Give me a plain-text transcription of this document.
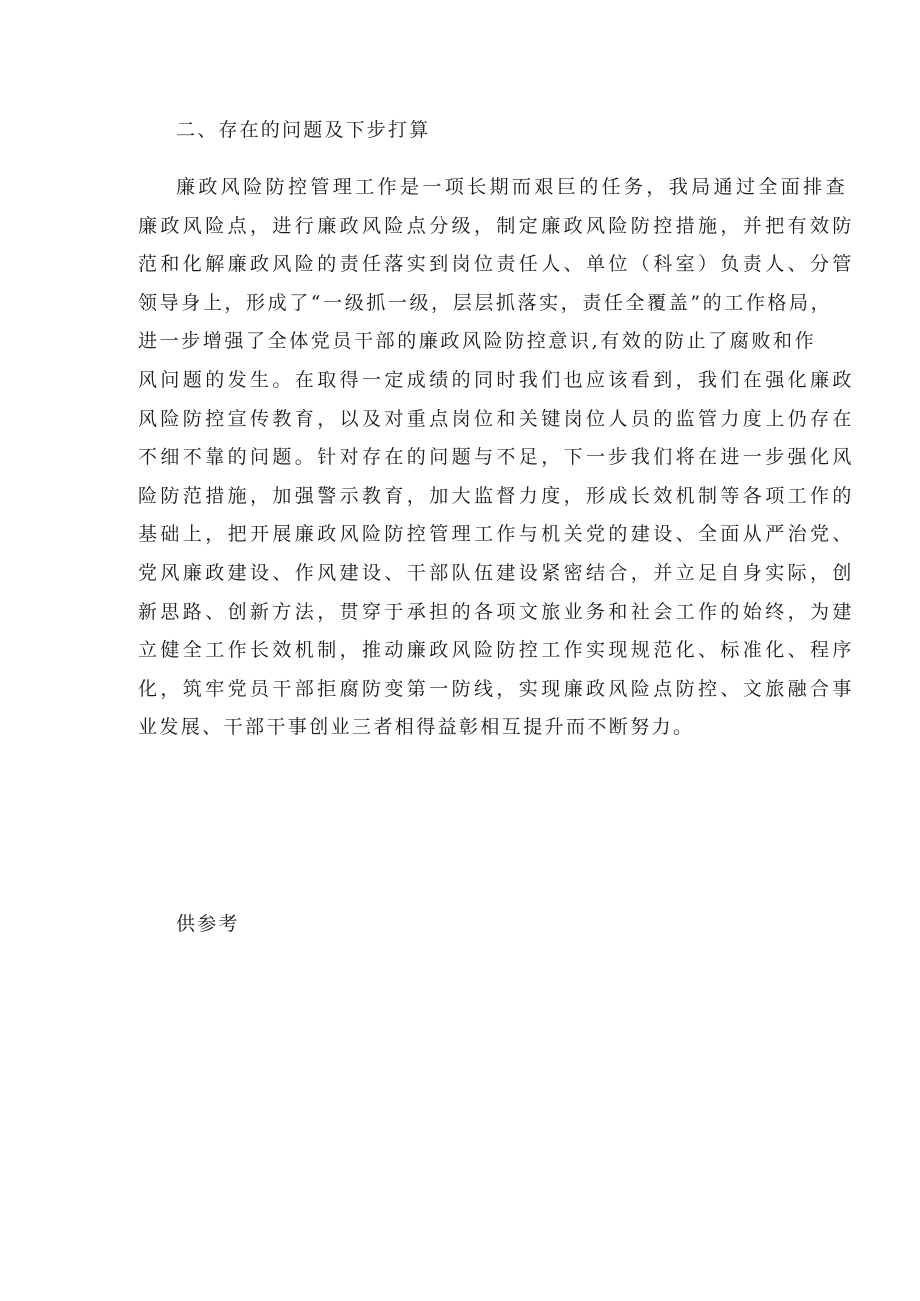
二、存在的问题及下步打算
廉政风险防控管理工作是一项长期而艰巨的任务，我局通过全面排查
廉政风险点，进行廉政风险点分级，制定廉政风险防控措施，并把有效防
范和化解廉政风险的责任落实到岗位责任人、单位（科室）负责人、分管
领导身上，形成了“一级抓一级，层层抓落实，责任全覆盖”的工作格局，
进一步增强了全体党员干部的廉政风险防控意识,有效的防止了腐败和作
风问题的发生。在取得一定成绩的同时我们也应该看到，我们在强化廉政
风险防控宣传教育，以及对重点岗位和关键岗位人员的监管力度上仍存在
不细不靠的问题。针对存在的问题与不足，下一步我们将在进一步强化风
险防范措施，加强警示教育，加大监督力度，形成长效机制等各项工作的
基础上，把开展廉政风险防控管理工作与机关党的建设、全面从严治党、
党风廉政建设、作风建设、干部队伍建设紧密结合，并立足自身实际，创
新思路、创新方法，贯穿于承担的各项文旅业务和社会工作的始终，为建
立健全工作长效机制，推动廉政风险防控工作实现规范化、标准化、程序
化，筑牢党员干部拒腐防变第一防线，实现廉政风险点防控、文旅融合事
业发展、干部干事创业三者相得益彰相互提升而不断努力。
供参考
